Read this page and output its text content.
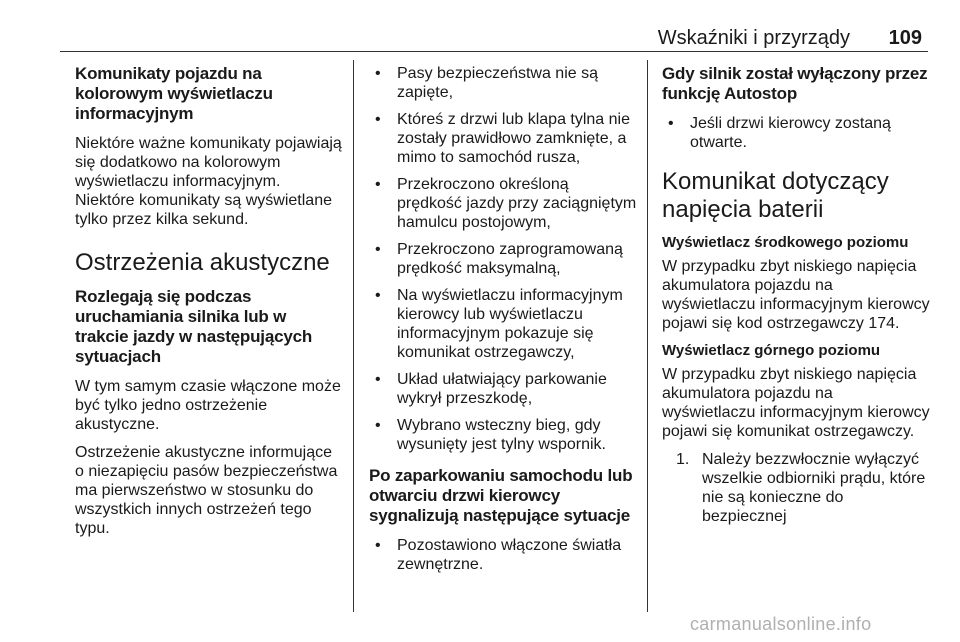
Wskaźniki i przyrządy 109
Komunikaty pojazdu na kolorowym wyświetlaczu informacyjnym

Niektóre ważne komunikaty pojawiają się dodatkowo na kolorowym wyświetlaczu informacyjnym. Niektóre komunikaty są wyświetlane tylko przez kilka sekund.

Ostrzeżenia akustyczne
Rozlegają się podczas uruchamiania silnika lub w trakcie jazdy w następujących sytuacjach

W tym samym czasie włączone może być tylko jedno ostrzeżenie akustyczne.

Ostrzeżenie akustyczne informujące o niezapięciu pasów bezpieczeństwa ma pierwszeństwo w stosunku do wszystkich innych ostrzeżeń tego typu.

• Pasy bezpieczeństwa nie są zapięte,
• Któreś z drzwi lub klapa tylna nie zostały prawidłowo zamknięte, a mimo to samochód rusza,
• Przekroczono określoną prędkość jazdy przy zaciągniętym hamulcu postojowym,
• Przekroczono zaprogramowaną prędkość maksymalną,
• Na wyświetlaczu informacyjnym kierowcy lub wyświetlaczu informacyjnym pokazuje się komunikat ostrzegawczy,
• Układ ułatwiający parkowanie wykrył przeszkodę,
• Wybrano wsteczny bieg, gdy wysunięty jest tylny wspornik.
Po zaparkowaniu samochodu lub otwarciu drzwi kierowcy sygnalizują następujące sytuacje
• Pozostawiono włączone światła zewnętrzne.
Gdy silnik został wyłączony przez funkcję Autostop
• Jeśli drzwi kierowcy zostaną otwarte.
Komunikat dotyczący napięcia baterii
Wyświetlacz środkowego poziomu

W przypadku zbyt niskiego napięcia akumulatora pojazdu na wyświetlaczu informacyjnym kierowcy pojawi się kod ostrzegawczy 174.

Wyświetlacz górnego poziomu

W przypadku zbyt niskiego napięcia akumulatora pojazdu na wyświetlaczu informacyjnym kierowcy pojawi się komunikat ostrzegawczy.

1. Należy bezzwłocznie wyłączyć wszelkie odbiorniki prądu, które nie są konieczne do bezpiecznej
carmanualsonline.info
